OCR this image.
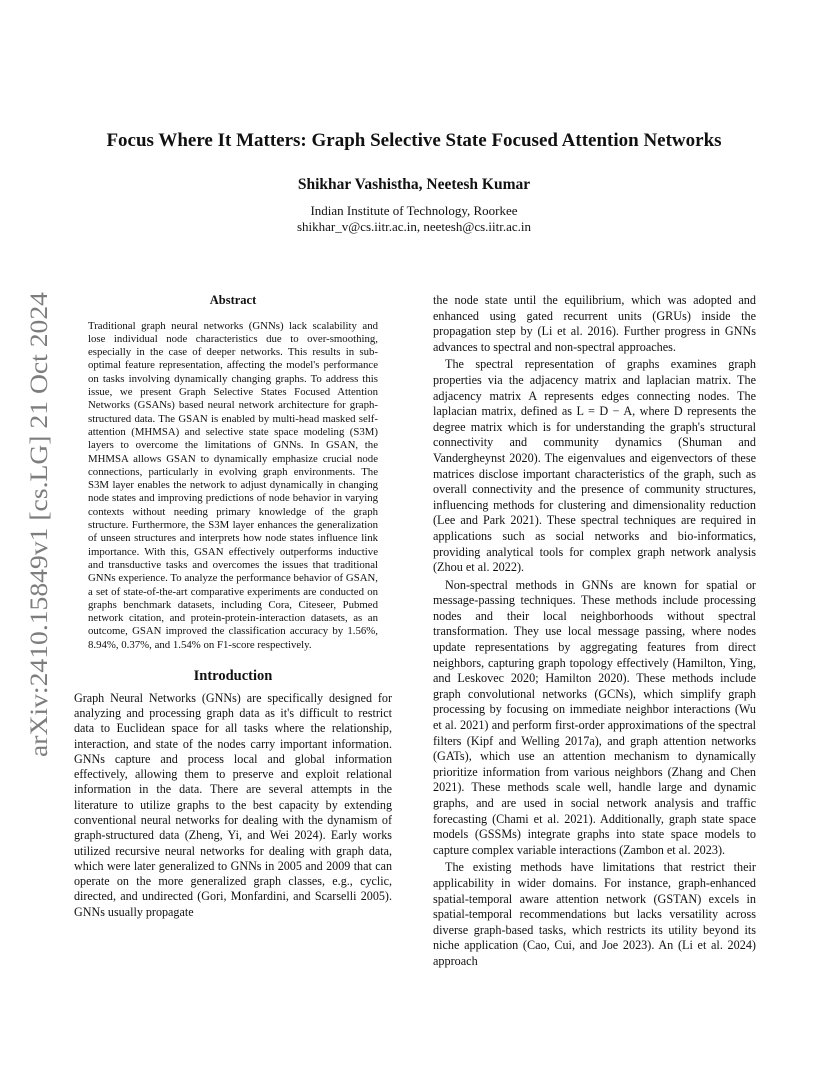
arXiv:2410.15849v1 [cs.LG] 21 Oct 2024
Focus Where It Matters: Graph Selective State Focused Attention Networks
Shikhar Vashistha, Neetesh Kumar
Indian Institute of Technology, Roorkee
shikhar_v@cs.iitr.ac.in, neetesh@cs.iitr.ac.in
Abstract

Traditional graph neural networks (GNNs) lack scalability and lose individual node characteristics due to over-smoothing, especially in the case of deeper networks. This results in sub-optimal feature representation, affecting the model's performance on tasks involving dynamically changing graphs. To address this issue, we present Graph Selective States Focused Attention Networks (GSANs) based neural network architecture for graph-structured data. The GSAN is enabled by multi-head masked self-attention (MHMSA) and selective state space modeling (S3M) layers to overcome the limitations of GNNs. In GSAN, the MHMSA allows GSAN to dynamically emphasize crucial node connections, particularly in evolving graph environments. The S3M layer enables the network to adjust dynamically in changing node states and improving predictions of node behavior in varying contexts without needing primary knowledge of the graph structure. Furthermore, the S3M layer enhances the generalization of unseen structures and interprets how node states influence link importance. With this, GSAN effectively outperforms inductive and transductive tasks and overcomes the issues that traditional GNNs experience. To analyze the performance behavior of GSAN, a set of state-of-the-art comparative experiments are conducted on graphs benchmark datasets, including Cora, Citeseer, Pubmed network citation, and protein-protein-interaction datasets, as an outcome, GSAN improved the classification accuracy by 1.56%, 8.94%, 0.37%, and 1.54% on F1-score respectively.

Introduction

Graph Neural Networks (GNNs) are specifically designed for analyzing and processing graph data as it's difficult to restrict data to Euclidean space for all tasks where the relationship, interaction, and state of the nodes carry important information. GNNs capture and process local and global information effectively, allowing them to preserve and exploit relational information in the data. There are several attempts in the literature to utilize graphs to the best capacity by extending conventional neural networks for dealing with the dynamism of graph-structured data (Zheng, Yi, and Wei 2024). Early works utilized recursive neural networks for dealing with graph data, which were later generalized to GNNs in 2005 and 2009 that can operate on the more generalized graph classes, e.g., cyclic, directed, and undirected (Gori, Monfardini, and Scarselli 2005). GNNs usually propagate

the node state until the equilibrium, which was adopted and enhanced using gated recurrent units (GRUs) inside the propagation step by (Li et al. 2016). Further progress in GNNs advances to spectral and non-spectral approaches.

The spectral representation of graphs examines graph properties via the adjacency matrix and laplacian matrix. The adjacency matrix A represents edges connecting nodes. The laplacian matrix, defined as L = D − A, where D represents the degree matrix which is for understanding the graph's structural connectivity and community dynamics (Shuman and Vandergheynst 2020). The eigenvalues and eigenvectors of these matrices disclose important characteristics of the graph, such as overall connectivity and the presence of community structures, influencing methods for clustering and dimensionality reduction (Lee and Park 2021). These spectral techniques are required in applications such as social networks and bio-informatics, providing analytical tools for complex graph network analysis (Zhou et al. 2022).

Non-spectral methods in GNNs are known for spatial or message-passing techniques. These methods include processing nodes and their local neighborhoods without spectral transformation. They use local message passing, where nodes update representations by aggregating features from direct neighbors, capturing graph topology effectively (Hamilton, Ying, and Leskovec 2020; Hamilton 2020). These methods include graph convolutional networks (GCNs), which simplify graph processing by focusing on immediate neighbor interactions (Wu et al. 2021) and perform first-order approximations of the spectral filters (Kipf and Welling 2017a), and graph attention networks (GATs), which use an attention mechanism to dynamically prioritize information from various neighbors (Zhang and Chen 2021). These methods scale well, handle large and dynamic graphs, and are used in social network analysis and traffic forecasting (Chami et al. 2021). Additionally, graph state space models (GSSMs) integrate graphs into state space models to capture complex variable interactions (Zambon et al. 2023).

The existing methods have limitations that restrict their applicability in wider domains. For instance, graph-enhanced spatial-temporal aware attention network (GSTAN) excels in spatial-temporal recommendations but lacks versatility across diverse graph-based tasks, which restricts its utility beyond its niche application (Cao, Cui, and Joe 2023). An (Li et al. 2024) approach
